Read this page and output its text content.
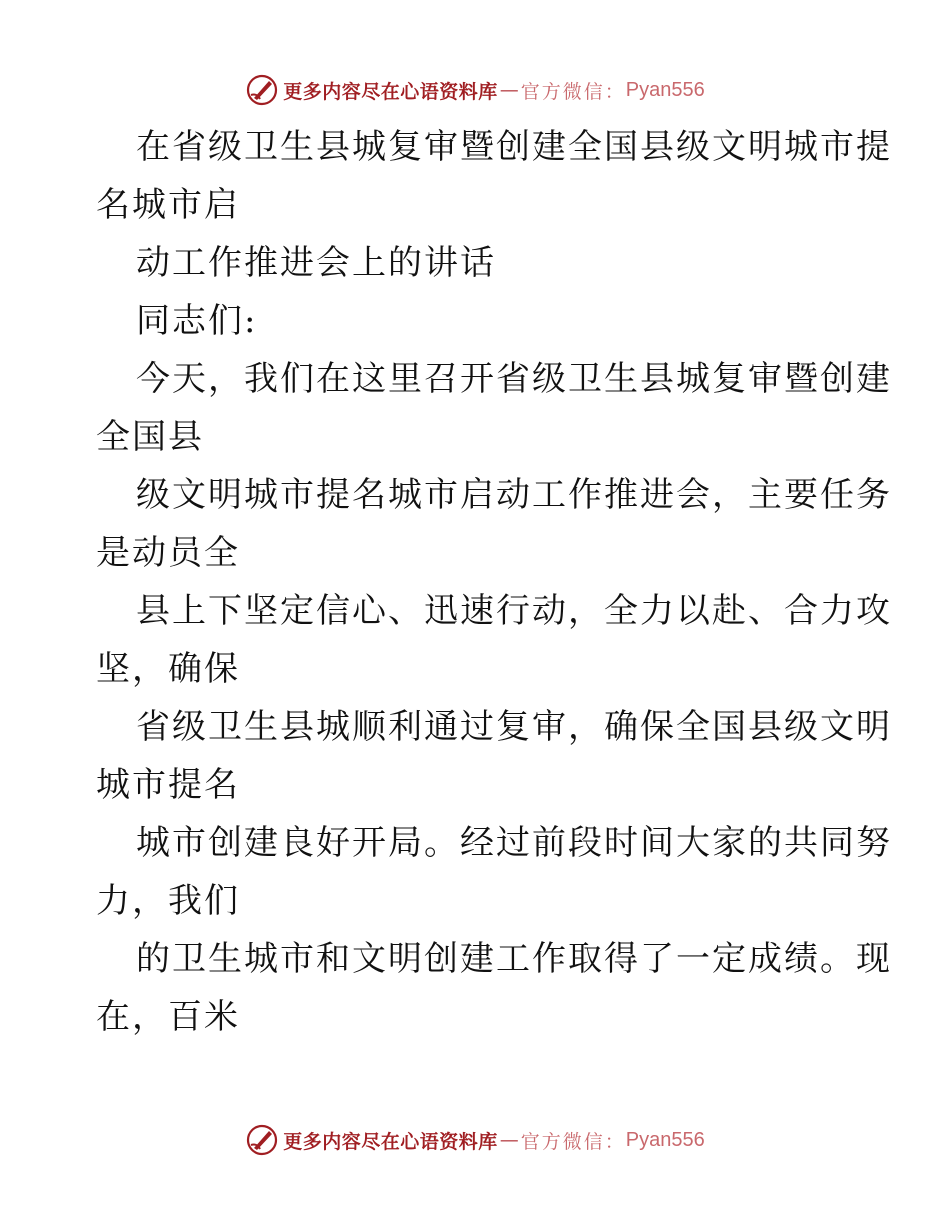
更多内容尽在心语资料库 — 官方微信： Pyan556
在省级卫生县城复审暨创建全国县级文明城市提
名城市启
动工作推进会上的讲话
同志们:
今天，我们在这里召开省级卫生县城复审暨创建
全国县
级文明城市提名城市启动工作推进会，主要任务
是动员全
县上下坚定信心、迅速行动，全力以赴、合力攻
坚，确保
省级卫生县城顺利通过复审，确保全国县级文明
城市提名
城市创建良好开局。经过前段时间大家的共同努
力，我们
的卫生城市和文明创建工作取得了一定成绩。现
在，百米
更多内容尽在心语资料库 — 官方微信： Pyan556
